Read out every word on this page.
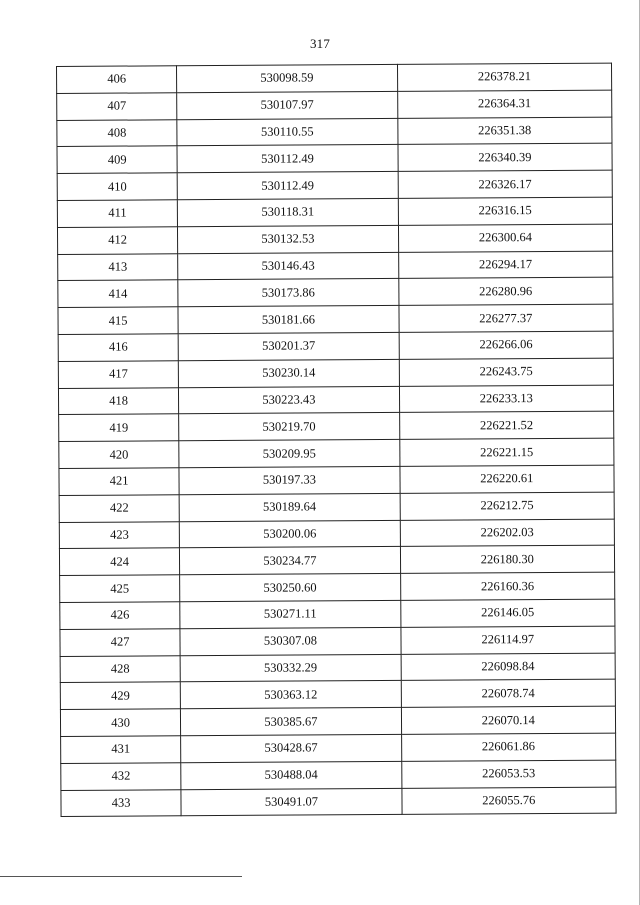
317
406	530098.59	226378.21
407	530107.97	226364.31
408	530110.55	226351.38
409	530112.49	226340.39
410	530112.49	226326.17
411	530118.31	226316.15
412	530132.53	226300.64
413	530146.43	226294.17
414	530173.86	226280.96
415	530181.66	226277.37
416	530201.37	226266.06
417	530230.14	226243.75
418	530223.43	226233.13
419	530219.70	226221.52
420	530209.95	226221.15
421	530197.33	226220.61
422	530189.64	226212.75
423	530200.06	226202.03
424	530234.77	226180.30
425	530250.60	226160.36
426	530271.11	226146.05
427	530307.08	226114.97
428	530332.29	226098.84
429	530363.12	226078.74
430	530385.67	226070.14
431	530428.67	226061.86
432	530488.04	226053.53
433	530491.07	226055.76
